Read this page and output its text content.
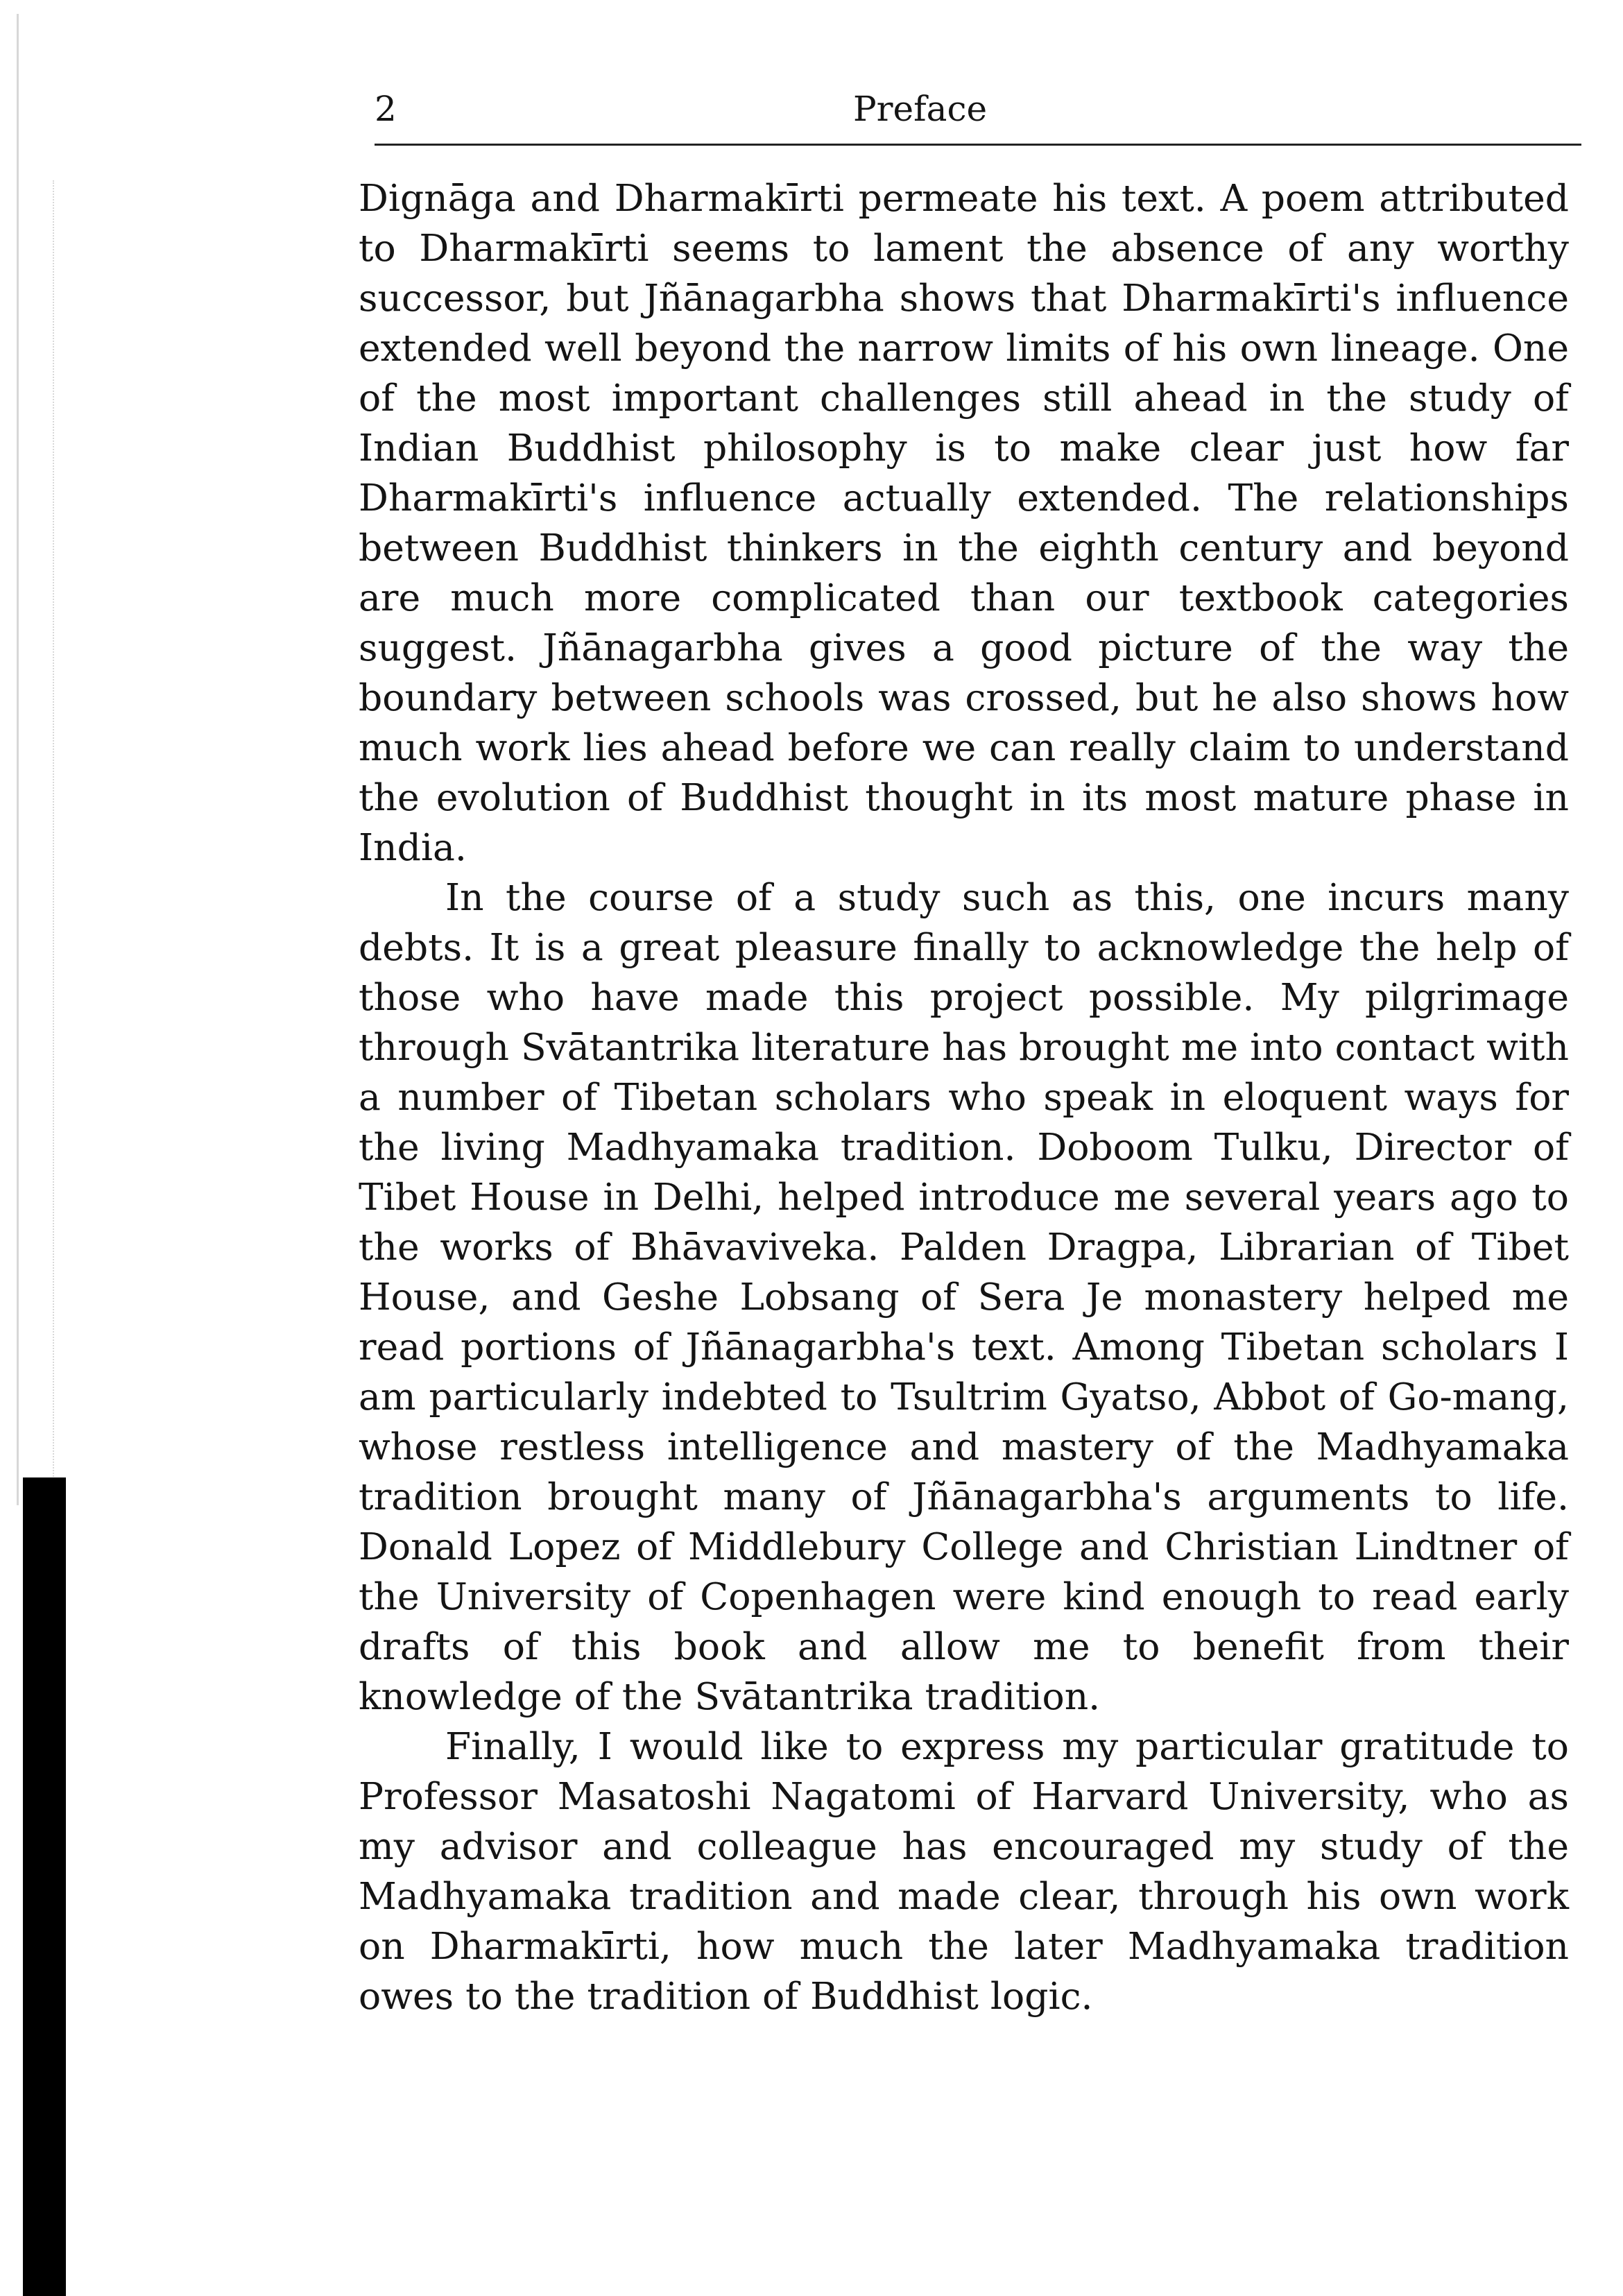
2	Preface

Dignāga and Dharmakīrti permeate his text. A poem attributed to Dharmakīrti seems to lament the absence of any worthy successor, but Jñānagarbha shows that Dharmakīrti's influence extended well beyond the narrow limits of his own lineage. One of the most important challenges still ahead in the study of Indian Buddhist philosophy is to make clear just how far Dharmakīrti's influence actually extended. The relationships between Buddhist thinkers in the eighth century and beyond are much more complicated than our textbook categories suggest. Jñānagarbha gives a good picture of the way the boundary between schools was crossed, but he also shows how much work lies ahead before we can really claim to understand the evolution of Buddhist thought in its most mature phase in India.

In the course of a study such as this, one incurs many debts. It is a great pleasure finally to acknowledge the help of those who have made this project possible. My pilgrimage through Svātantrika literature has brought me into contact with a number of Tibetan scholars who speak in eloquent ways for the living Madhyamaka tradition. Doboom Tulku, Director of Tibet House in Delhi, helped introduce me several years ago to the works of Bhāvaviveka. Palden Dragpa, Librarian of Tibet House, and Geshe Lobsang of Sera Je monastery helped me read portions of Jñānagarbha's text. Among Tibetan scholars I am particularly indebted to Tsultrim Gyatso, Abbot of Go-mang, whose restless intelligence and mastery of the Madhyamaka tradition brought many of Jñānagarbha's arguments to life. Donald Lopez of Middlebury College and Christian Lindtner of the University of Copenhagen were kind enough to read early drafts of this book and allow me to benefit from their knowledge of the Svātantrika tradition.

Finally, I would like to express my particular gratitude to Professor Masatoshi Nagatomi of Harvard University, who as my advisor and colleague has encouraged my study of the Madhyamaka tradition and made clear, through his own work on Dharmakīrti, how much the later Madhyamaka tradition owes to the tradition of Buddhist logic.
